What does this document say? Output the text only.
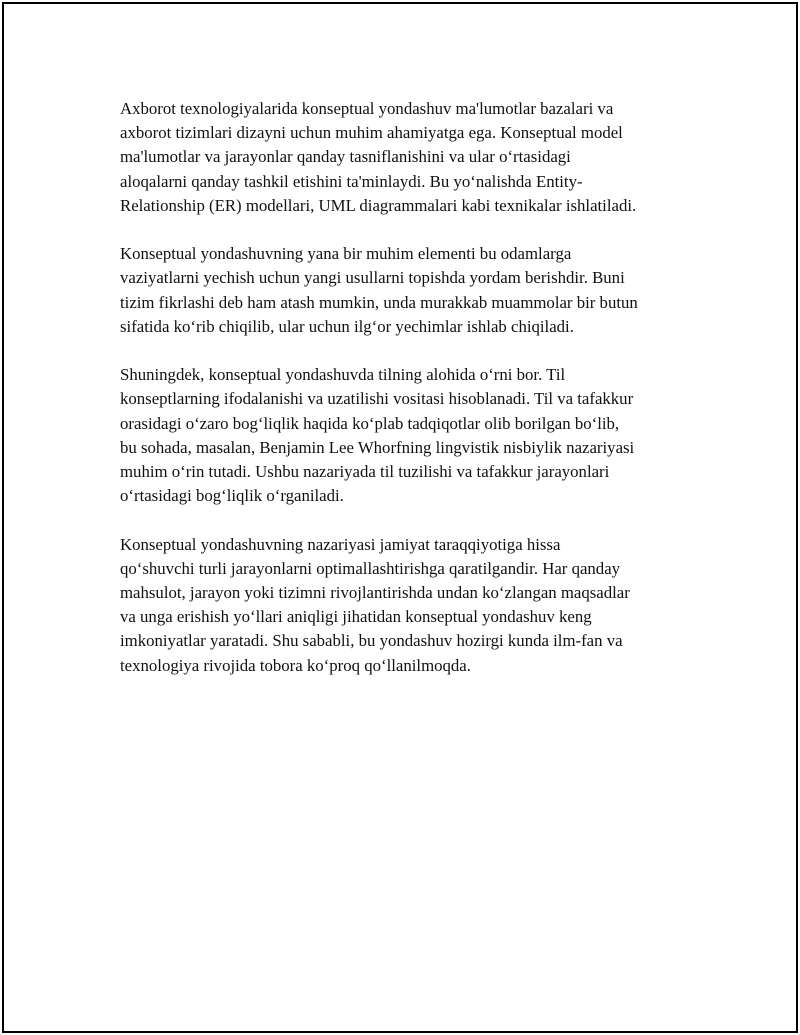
Axborot texnologiyalarida konseptual yondashuv ma'lumotlar bazalari va
axborot tizimlari dizayni uchun muhim ahamiyatga ega. Konseptual model
ma'lumotlar va jarayonlar qanday tasniflanishini va ular oʻrtasidagi
aloqalarni qanday tashkil etishini ta'minlaydi. Bu yoʻnalishda Entity-
Relationship (ER) modellari, UML diagrammalari kabi texnikalar ishlatiladi.

Konseptual yondashuvning yana bir muhim elementi bu odamlarga
vaziyatlarni yechish uchun yangi usullarni topishda yordam berishdir. Buni
tizim fikrlashi deb ham atash mumkin, unda murakkab muammolar bir butun
sifatida koʻrib chiqilib, ular uchun ilgʻor yechimlar ishlab chiqiladi.

Shuningdek, konseptual yondashuvda tilning alohida oʻrni bor. Til
konseptlarning ifodalanishi va uzatilishi vositasi hisoblanadi. Til va tafakkur
orasidagi oʻzaro bogʻliqlik haqida koʻplab tadqiqotlar olib borilgan boʻlib,
bu sohada, masalan, Benjamin Lee Whorfning lingvistik nisbiylik nazariyasi
muhim oʻrin tutadi. Ushbu nazariyada til tuzilishi va tafakkur jarayonlari
oʻrtasidagi bogʻliqlik oʻrganiladi.

Konseptual yondashuvning nazariyasi jamiyat taraqqiyotiga hissa
qoʻshuvchi turli jarayonlarni optimallashtirishga qaratilgandir. Har qanday
mahsulot, jarayon yoki tizimni rivojlantirishda undan koʻzlangan maqsadlar
va unga erishish yoʻllari aniqligi jihatidan konseptual yondashuv keng
imkoniyatlar yaratadi. Shu sababli, bu yondashuv hozirgi kunda ilm-fan va
texnologiya rivojida tobora koʻproq qoʻllanilmoqda.
